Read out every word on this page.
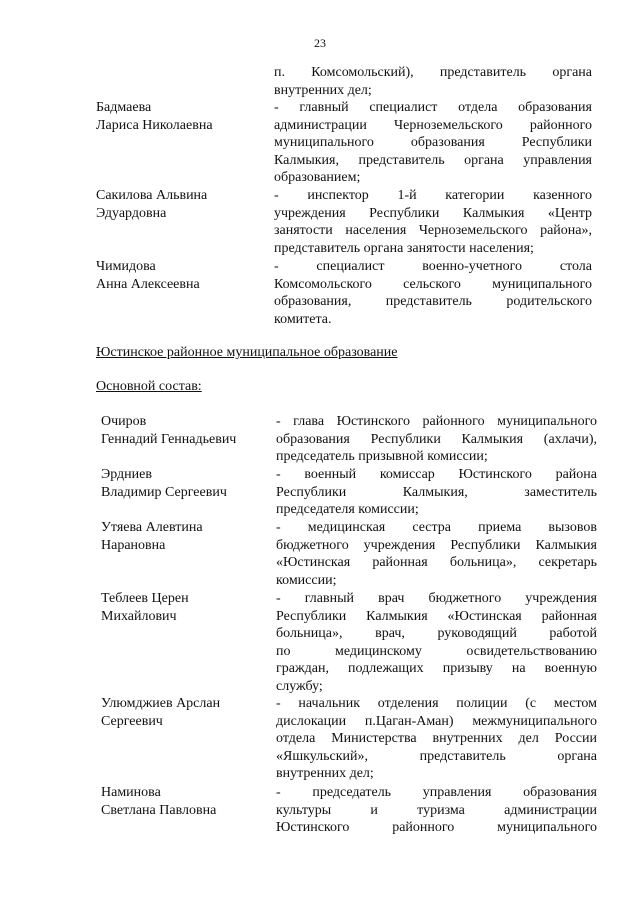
23
п. Комсомольский), представитель органа
внутренних дел;
Бадмаева
Лариса Николаевна
- главный специалист отдела образования
администрации Черноземельского районного
муниципального образования Республики
Калмыкия, представитель органа управления
образованием;
Сакилова Альвина
Эдуардовна
- инспектор 1-й категории казенного
учреждения Республики Калмыкия «Центр
занятости населения Черноземельского района»,
представитель органа занятости населения;
Чимидова
Анна Алексеевна
- специалист военно-учетного стола
Комсомольского сельского муниципального
образования, представитель родительского
комитета.
Юстинское районное муниципальное образование
Основной состав:
Очиров
Геннадий Геннадьевич
- глава Юстинского районного муниципального
образования Республики Калмыкия (ахлачи),
председатель призывной комиссии;
Эрдниев
Владимир Сергеевич
- военный комиссар Юстинского района
Республики Калмыкия, заместитель
председателя комиссии;
Утяева Алевтина
Нарановна
- медицинская сестра приема вызовов
бюджетного учреждения Республики Калмыкия
«Юстинская районная больница», секретарь
комиссии;
Теблеев Церен
Михайлович
- главный врач бюджетного учреждения
Республики Калмыкия «Юстинская районная
больница», врач, руководящий работой
по медицинскому освидетельствованию
граждан, подлежащих призыву на военную
службу;
Улюмджиев Арслан
Сергеевич
- начальник отделения полиции (с местом
дислокации п.Цаган-Аман) межмуниципального
отдела Министерства внутренних дел России
«Яшкульский», представитель органа
внутренних дел;
Наминова
Светлана Павловна
- председатель управления образования
культуры и туризма администрации
Юстинского районного муниципального
